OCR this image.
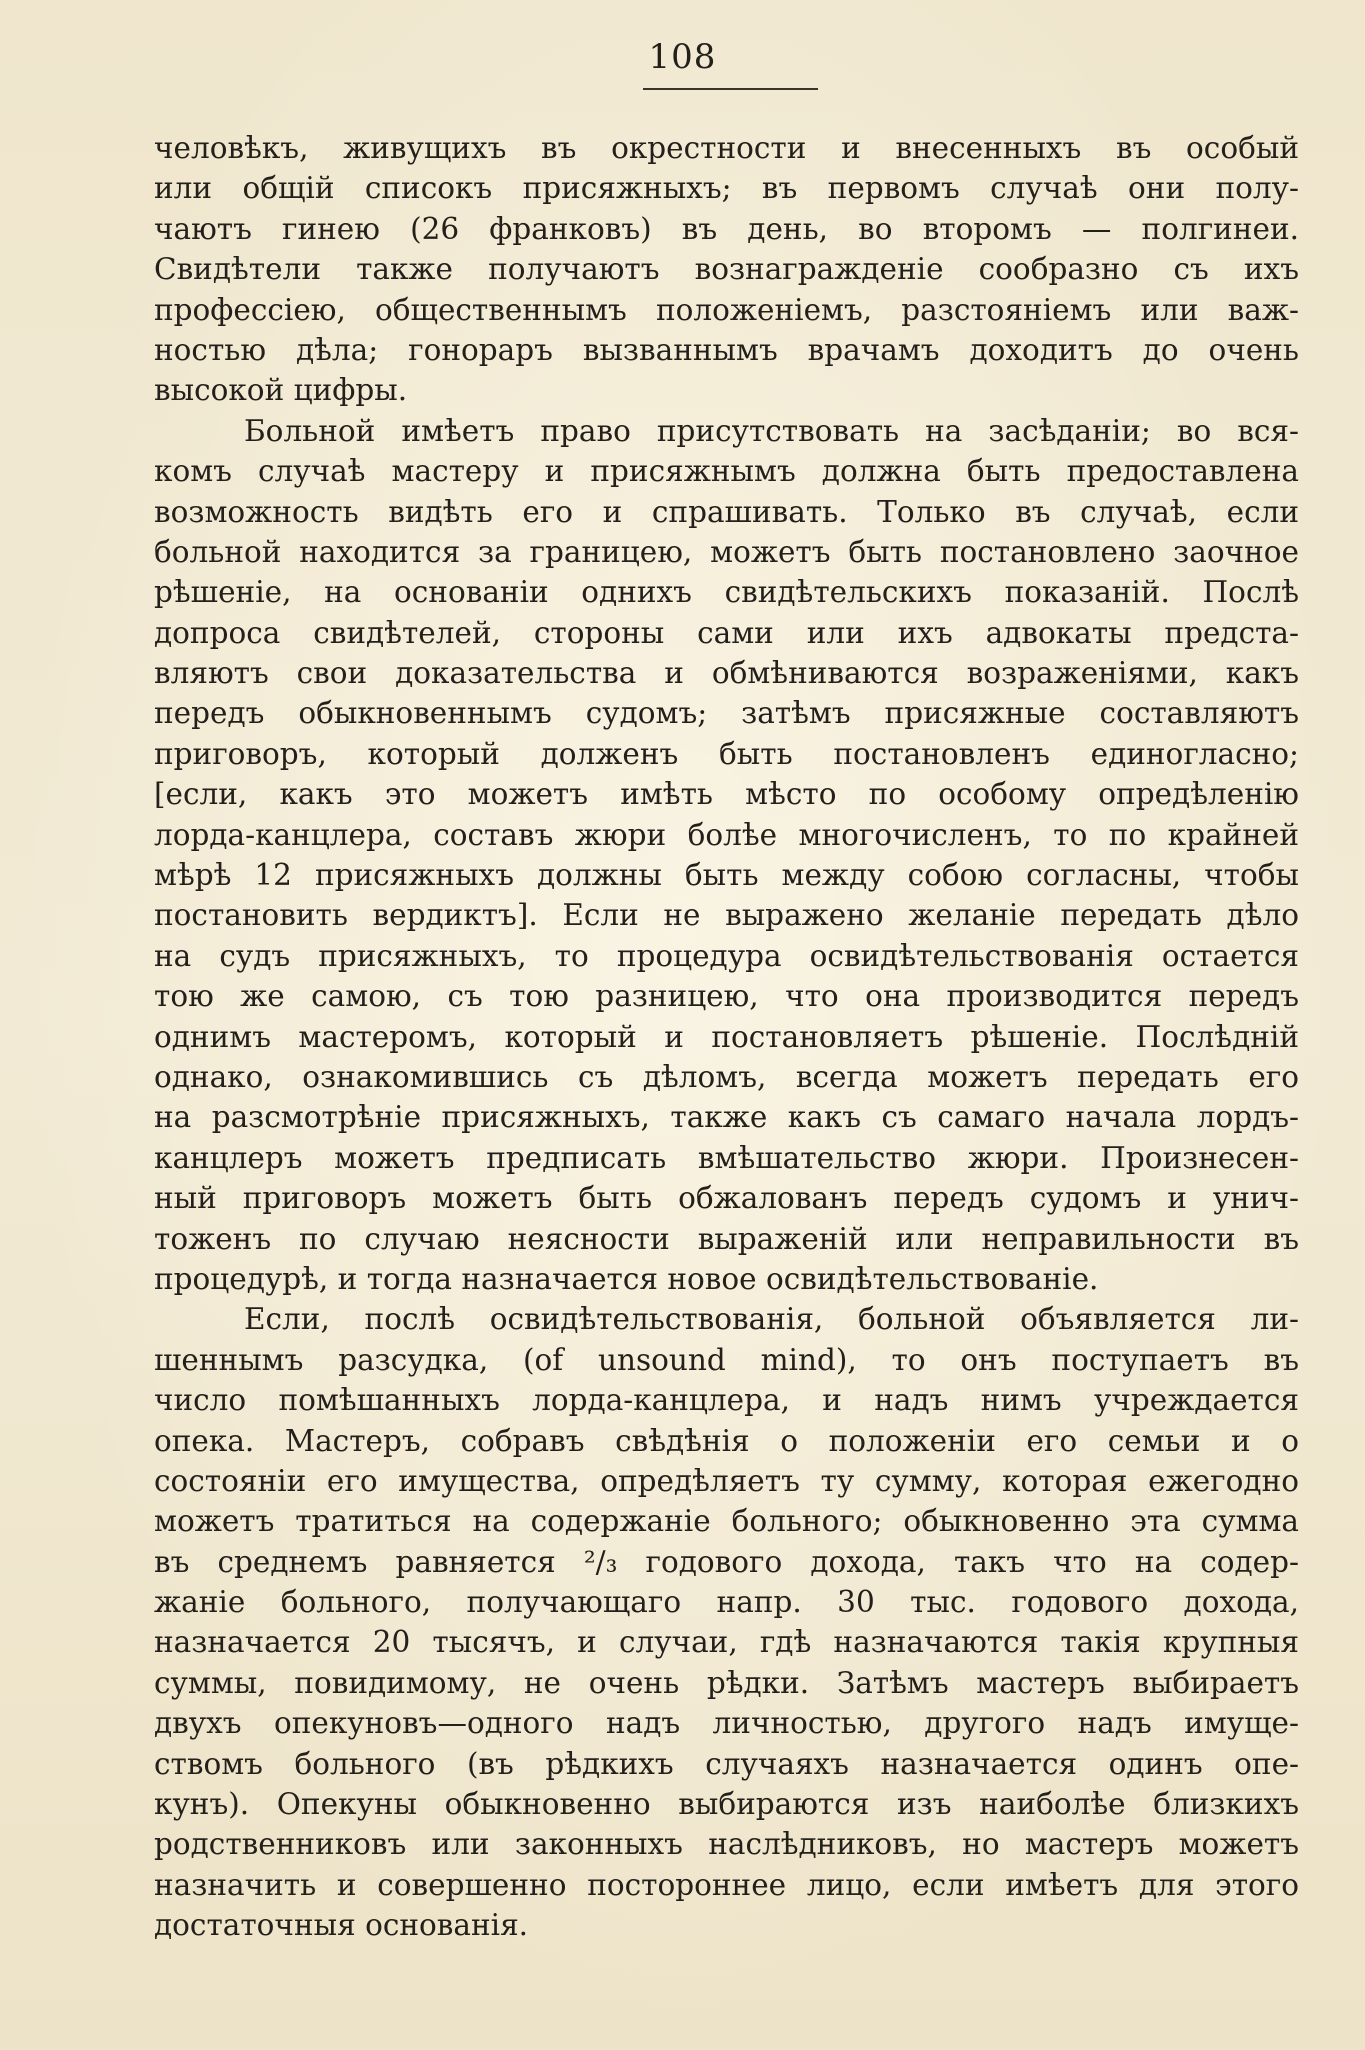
108
человѣкъ, живущихъ въ окрестности и внесенныхъ въ особый
или общій списокъ присяжныхъ; въ первомъ случаѣ они полу-
чаютъ гинею (26 франковъ) въ день, во второмъ — полгинеи.
Свидѣтели также получаютъ вознагражденіе сообразно съ ихъ
профессіею, общественнымъ положеніемъ, разстояніемъ или важ-
ностью дѣла; гонораръ вызваннымъ врачамъ доходитъ до очень
высокой цифры.
Больной имѣетъ право присутствовать на засѣданіи; во вся-
комъ случаѣ мастеру и присяжнымъ должна быть предоставлена
возможность видѣть его и спрашивать. Только въ случаѣ, если
больной находится за границею, можетъ быть постановлено заочное
рѣшеніе, на основаніи однихъ свидѣтельскихъ показаній. Послѣ
допроса свидѣтелей, стороны сами или ихъ адвокаты предста-
вляютъ свои доказательства и обмѣниваются возраженіями, какъ
передъ обыкновеннымъ судомъ; затѣмъ присяжные составляютъ
приговоръ, который долженъ быть постановленъ единогласно;
[если, какъ это можетъ имѣть мѣсто по особому опредѣленію
лорда-канцлера, составъ жюри болѣе многочисленъ, то по крайней
мѣрѣ 12 присяжныхъ должны быть между собою согласны, чтобы
постановить вердиктъ]. Если не выражено желаніе передать дѣло
на судъ присяжныхъ, то процедура освидѣтельствованія остается
тою же самою, съ тою разницею, что она производится передъ
однимъ мастеромъ, который и постановляетъ рѣшеніе. Послѣдній
однако, ознакомившись съ дѣломъ, всегда можетъ передать его
на разсмотрѣніе присяжныхъ, также какъ съ самаго начала лордъ-
канцлеръ можетъ предписать вмѣшательство жюри. Произнесен-
ный приговоръ можетъ быть обжалованъ передъ судомъ и унич-
тоженъ по случаю неясности выраженій или неправильности въ
процедурѣ, и тогда назначается новое освидѣтельствованіе.
Если, послѣ освидѣтельствованія, больной объявляется ли-
шеннымъ разсудка, (of unsound mind), то онъ поступаетъ въ
число помѣшанныхъ лорда-канцлера, и надъ нимъ учреждается
опека. Мастеръ, собравъ свѣдѣнія о положеніи его семьи и о
состояніи его имущества, опредѣляетъ ту сумму, которая ежегодно
можетъ тратиться на содержаніе больного; обыкновенно эта сумма
въ среднемъ равняется ²/₃ годового дохода, такъ что на содер-
жаніе больного, получающаго напр. 30 тыс. годового дохода,
назначается 20 тысячъ, и случаи, гдѣ назначаются такія крупныя
суммы, повидимому, не очень рѣдки. Затѣмъ мастеръ выбираетъ
двухъ опекуновъ—одного надъ личностью, другого надъ имуще-
ствомъ больного (въ рѣдкихъ случаяхъ назначается одинъ опе-
кунъ). Опекуны обыкновенно выбираются изъ наиболѣе близкихъ
родственниковъ или законныхъ наслѣдниковъ, но мастеръ можетъ
назначить и совершенно постороннее лицо, если имѣетъ для этого
достаточныя основанія.
